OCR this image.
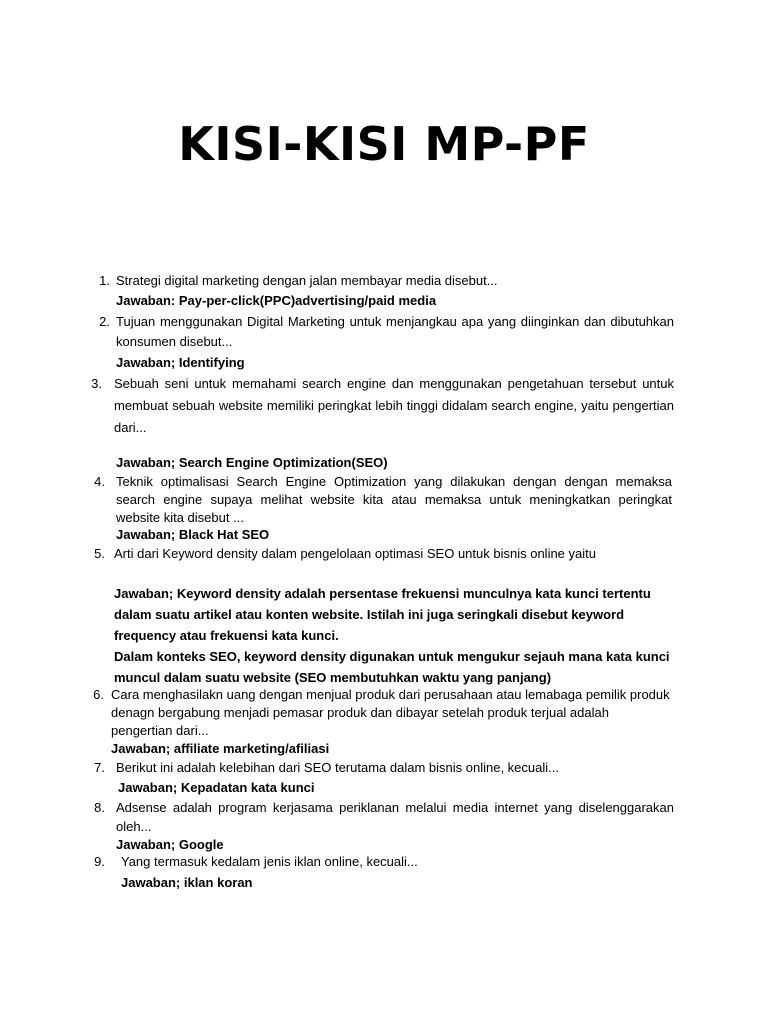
KISI-KISI MP-PF
1. Strategi digital marketing dengan jalan membayar media disebut...
Jawaban: Pay-per-click(PPC)advertising/paid media
2. Tujuan menggunakan Digital Marketing untuk menjangkau apa yang diinginkan dan dibutuhkan konsumen disebut...
Jawaban; Identifying
3. Sebuah seni untuk memahami search engine dan menggunakan pengetahuan tersebut untuk membuat sebuah website memiliki peringkat lebih tinggi didalam search engine, yaitu pengertian dari...
Jawaban; Search Engine Optimization(SEO)
4. Teknik optimalisasi Search Engine Optimization yang dilakukan dengan dengan memaksa search engine supaya melihat website kita atau memaksa untuk meningkatkan peringkat website kita disebut ...
Jawaban; Black Hat SEO
5. Arti dari Keyword density dalam pengelolaan optimasi SEO untuk bisnis online yaitu

Jawaban; Keyword density adalah persentase frekuensi munculnya kata kunci tertentu dalam suatu artikel atau konten website. Istilah ini juga seringkali disebut keyword frequency atau frekuensi kata kunci.

Dalam konteks SEO, keyword density digunakan untuk mengukur sejauh mana kata kunci muncul dalam suatu website (SEO membutuhkan waktu yang panjang)

6. Cara menghasilakn uang dengan menjual produk dari perusahaan atau lemabaga pemilik produk denagn bergabung menjadi pemasar produk dan dibayar setelah produk terjual adalah pengertian dari...
Jawaban; affiliate marketing/afiliasi
7. Berikut ini adalah kelebihan dari SEO terutama dalam bisnis online, kecuali...
Jawaban; Kepadatan kata kunci
8. Adsense adalah program kerjasama periklanan melalui media internet yang diselenggarakan oleh...
Jawaban; Google
9. Yang termasuk kedalam jenis iklan online, kecuali...
Jawaban; iklan koran
